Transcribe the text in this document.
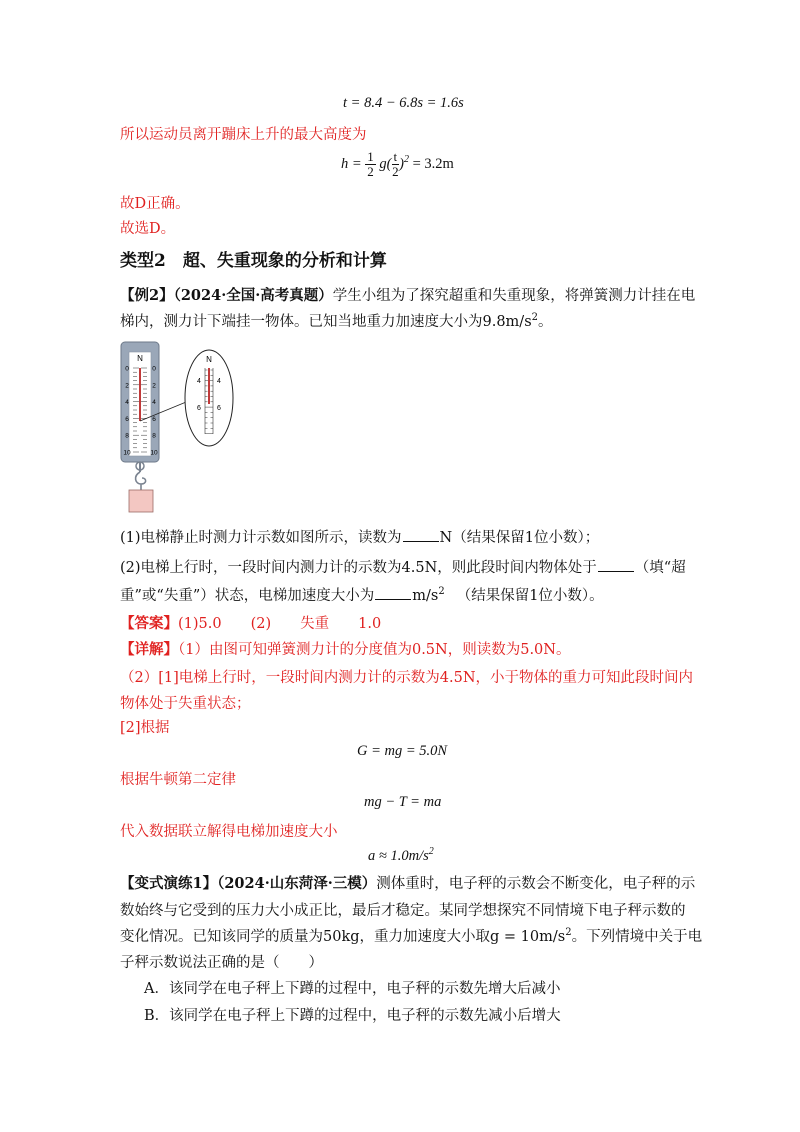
t = 8.4 − 6.8s = 1.6s
所以运动员离开蹦床上升的最大高度为
$h = \frac{1}{2} g( \frac{t}{2} )^2 = 3.2m$
故D正确。
故选D。
类型2　超、失重现象的分析和计算
【例2】（2024·全国·高考真题）学生小组为了探究超重和失重现象，将弹簧测力计挂在电
梯内，测力计下端挂一物体。已知当地重力加速度大小为$9.8m/s^2$。
N
0
2
4
6
8
10
0
2
4
6
8
10
N
4
6
4
6
(1)电梯静止时测力计示数如图所示，读数为	N（结果保留1位小数）；
(2)电梯上行时，一段时间内测力计的示数为4.5N，则此段时间内物体处于	（填“超
重”或“失重”）状态，电梯加速度大小为	$m/s^2$ （结果保留1位小数）。
【答案】(1)5.0　　(2)　　失重　　1.0
【详解】（1）由图可知弹簧测力计的分度值为0.5N，则读数为5.0N。
（2）[1]电梯上行时，一段时间内测力计的示数为4.5N，小于物体的重力可知此段时间内
物体处于失重状态；
[2]根据
G = mg = 5.0N
根据牛顿第二定律
mg − T = ma
代入数据联立解得电梯加速度大小
$a \approx 1.0m/s^2$
【变式演练1】（2024·山东菏泽·三模）测体重时，电子秤的示数会不断变化，电子秤的示
数始终与它受到的压力大小成正比，最后才稳定。某同学想探究不同情境下电子秤示数的
变化情况。已知该同学的质量为50kg，重力加速度大小取$g = 10m/s^2$。下列情境中关于电
子秤示数说法正确的是（　　）
A．该同学在电子秤上下蹲的过程中，电子秤的示数先增大后减小
B．该同学在电子秤上下蹲的过程中，电子秤的示数先减小后增大
